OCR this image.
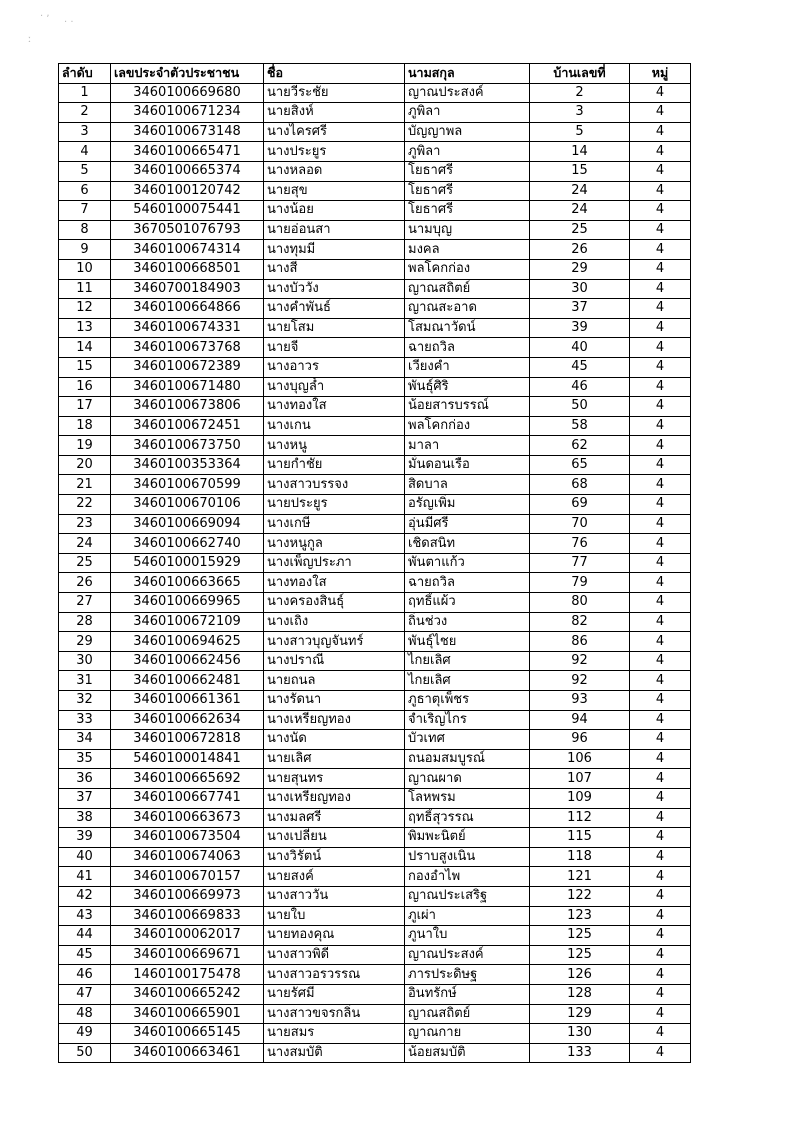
. ,
. .
ː
ลำดับ	เลขประจำตัวประชาชน	ชื่อ	นามสกุล	บ้านเลขที่	หมู่
1	3460100669680	นายวีระชัย	ญาณประสงค์	2	4
2	3460100671234	นายสิงห์	ภูพิลา	3	4
3	3460100673148	นางไครศรี	บัญญาพล	5	4
4	3460100665471	นางประยูร	ภูพิลา	14	4
5	3460100665374	นางหลอด	โยธาศรี	15	4
6	3460100120742	นายสุข	โยธาศรี	24	4
7	5460100075441	นางน้อย	โยธาศรี	24	4
8	3670501076793	นายอ่อนสา	นามบุญ	25	4
9	3460100674314	นางทุมมี	มงคล	26	4
10	3460100668501	นางสี	พลโคกก่อง	29	4
11	3460700184903	นางบัววัง	ญาณสถิตย์	30	4
12	3460100664866	นางคำพันธ์	ญาณสะอาด	37	4
13	3460100674331	นายโสม	โสมณาวัดน์	39	4
14	3460100673768	นายจี	ฉายถวิล	40	4
15	3460100672389	นางอาวร	เวียงคำ	45	4
16	3460100671480	นางบุญล้ำ	พันธุ์ศิริ	46	4
17	3460100673806	นางทองใส	น้อยสารบรรณ์	50	4
18	3460100672451	นางเกน	พลโคกก่อง	58	4
19	3460100673750	นางหนู	มาลา	62	4
20	3460100353364	นายกำชัย	มั่นดอนเรือ	65	4
21	3460100670599	นางสาวบรรจง	สิดบาล	68	4
22	3460100670106	นายประยูร	อรัญเพิ่ม	69	4
23	3460100669094	นางเกษี	อุ่นมีศรี	70	4
24	3460100662740	นางหนูกูล	เชิดสนิท	76	4
25	5460100015929	นางเพ็ญประภา	พันตาแก้ว	77	4
26	3460100663665	นางทองใส	ฉายถวิล	79	4
27	3460100669965	นางครองสินธุ์	ฤทธิ์แผ้ว	80	4
28	3460100672109	นางเถิง	ถิ่นช่วง	82	4
29	3460100694625	นางสาวบุญจันทร์	พันธุ์ไชย	86	4
30	3460100662456	นางปราณี	ไกยเลิศ	92	4
31	3460100662481	นายถนล	ไกยเลิศ	92	4
32	3460100661361	นางรัดนา	ภูธาตุเพ็ชร	93	4
33	3460100662634	นางเหรียญทอง	จำเริญไกร	94	4
34	3460100672818	นางนัด	บัวเทศ	96	4
35	5460100014841	นายเลิศ	ถนอมสมบูรณ์	106	4
36	3460100665692	นายสุนทร	ญาณผาด	107	4
37	3460100667741	นางเหรียญทอง	โลหพรม	109	4
38	3460100663673	นางมลศรี	ฤทธิ์สุวรรณ	112	4
39	3460100673504	นางเปลี่ยน	พิมพะนิตย์	115	4
40	3460100674063	นางวิรัตน์	ปราบสูงเนิน	118	4
41	3460100670157	นายสงค์	กองอำไพ	121	4
42	3460100669973	นางสาววัน	ญาณประเสริฐ	122	4
43	3460100669833	นายใบ	ภูเผ่า	123	4
44	3460100062017	นายทองคุณ	ภูนาใบ	125	4
45	3460100669671	นางสาวพิดี	ญาณประสงค์	125	4
46	1460100175478	นางสาวอรวรรณ	ภารประดิษฐ	126	4
47	3460100665242	นายรัศมี	อินทรักษ์	128	4
48	3460100665901	นางสาวขจรกลิ่น	ญาณสถิตย์	129	4
49	3460100665145	นายสมร	ญาณกาย	130	4
50	3460100663461	นางสมบัติ	น้อยสมบัติ	133	4
